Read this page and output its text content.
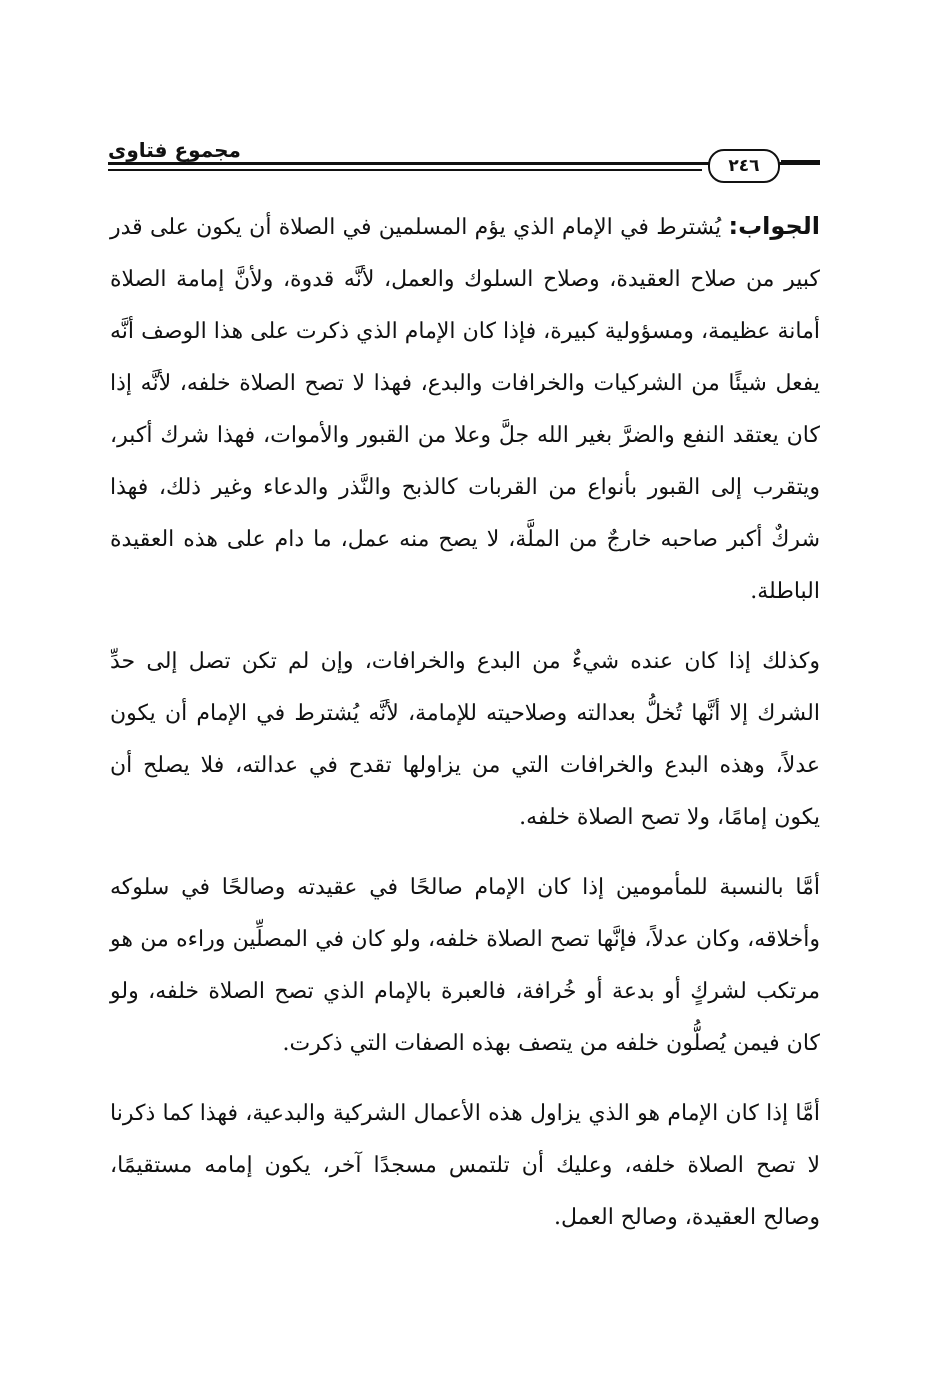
مجموع فتاوى
٢٤٦

الجواب: يُشترط في الإمام الذي يؤم المسلمين في الصلاة أن يكون على قدر كبير من صلاح العقيدة، وصلاح السلوك والعمل، لأنَّه قدوة، ولأنَّ إمامة الصلاة أمانة عظيمة، ومسؤولية كبيرة، فإذا كان الإمام الذي ذكرت على هذا الوصف أنَّه يفعل شيئًا من الشركيات والخرافات والبدع، فهذا لا تصح الصلاة خلفه، لأنَّه إذا كان يعتقد النفع والضرَّ بغير الله جلَّ وعلا من القبور والأموات، فهذا شرك أكبر، ويتقرب إلى القبور بأنواع من القربات كالذبح والنَّذر والدعاء وغير ذلك، فهذا شركٌ أكبر صاحبه خارجٌ من الملَّة، لا يصح منه عمل، ما دام على هذه العقيدة الباطلة.

وكذلك إذا كان عنده شيءٌ من البدع والخرافات، وإن لم تكن تصل إلى حدِّ الشرك إلا أنَّها تُخلُّ بعدالته وصلاحيته للإمامة، لأنَّه يُشترط في الإمام أن يكون عدلاً، وهذه البدع والخرافات التي من يزاولها تقدح في عدالته، فلا يصلح أن يكون إمامًا، ولا تصح الصلاة خلفه.

أمَّا بالنسبة للمأمومين إذا كان الإمام صالحًا في عقيدته وصالحًا في سلوكه وأخلاقه، وكان عدلاً، فإنَّها تصح الصلاة خلفه، ولو كان في المصلِّين وراءه من هو مرتكب لشركٍ أو بدعة أو خُرافة، فالعبرة بالإمام الذي تصح الصلاة خلفه، ولو كان فيمن يُصلُّون خلفه من يتصف بهذه الصفات التي ذكرت.

أمَّا إذا كان الإمام هو الذي يزاول هذه الأعمال الشركية والبدعية، فهذا كما ذكرنا لا تصح الصلاة خلفه، وعليك أن تلتمس مسجدًا آخر، يكون إمامه مستقيمًا، وصالح العقيدة، وصالح العمل.
